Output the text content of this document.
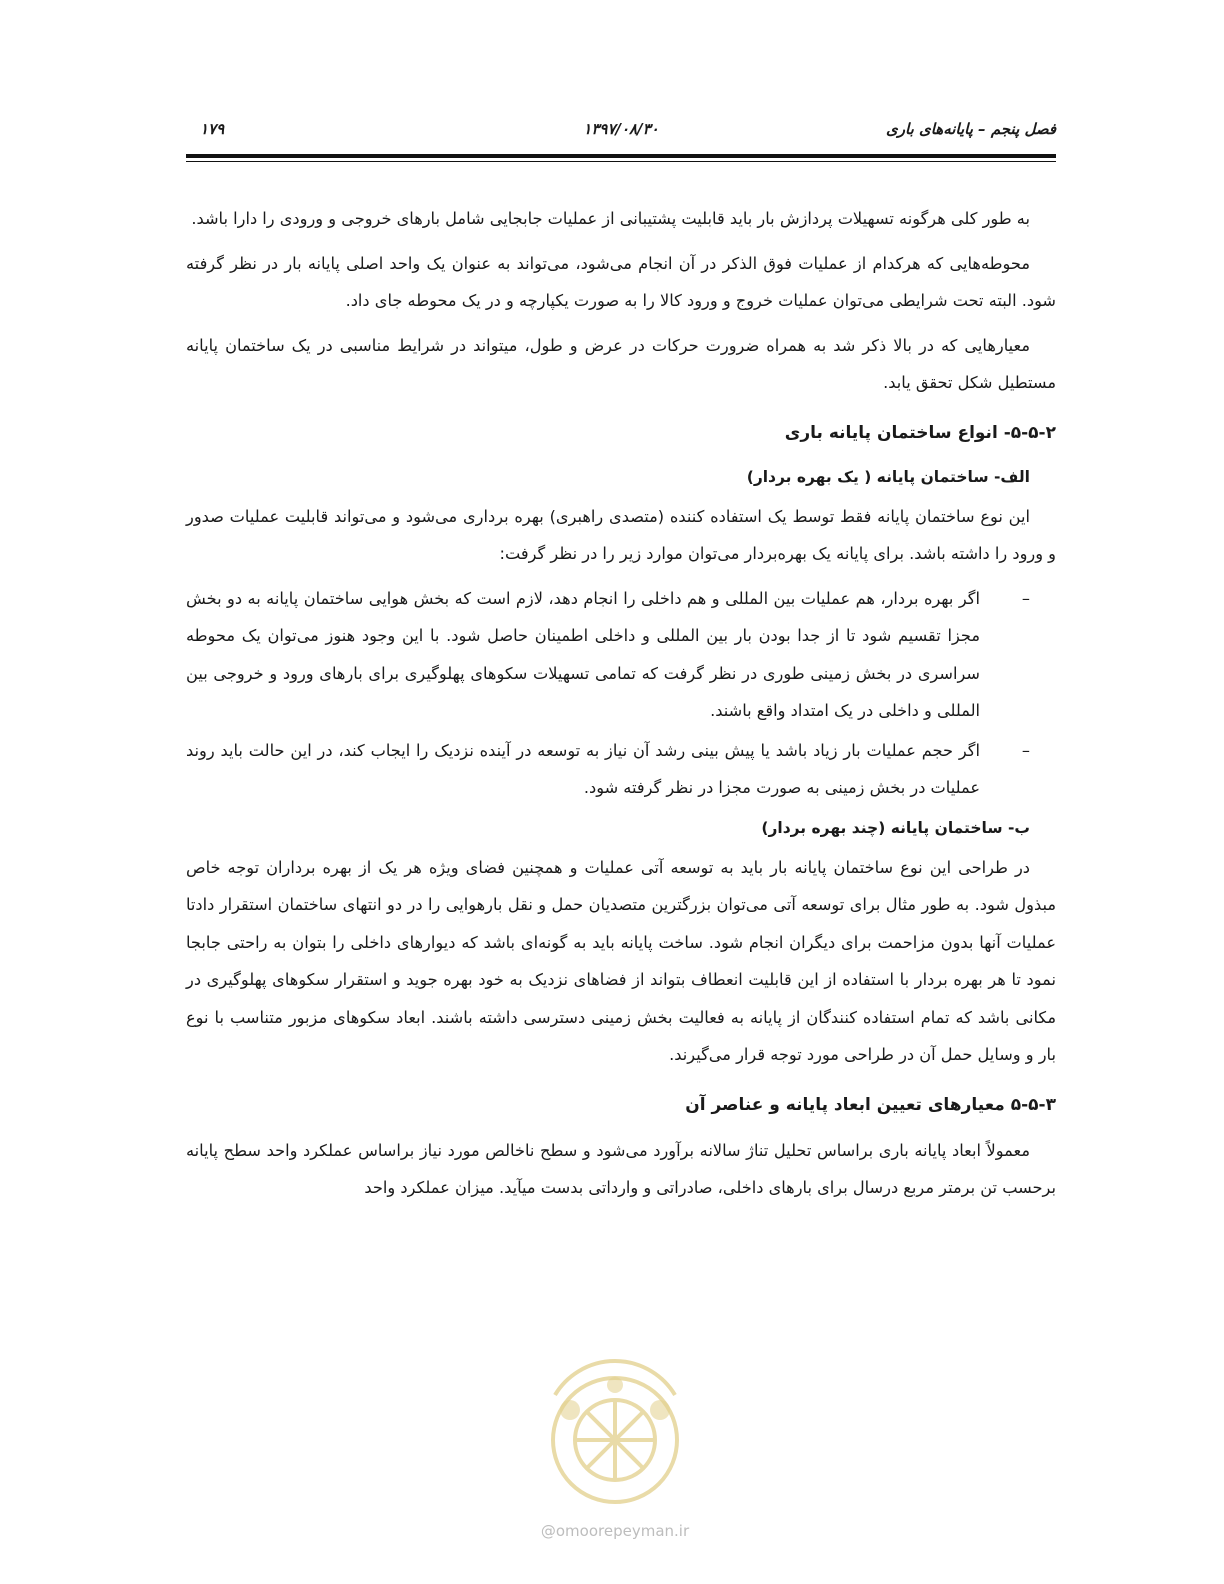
فصل پنجم – پایانه‌های باری
۱۳۹۷/۰۸/۳۰
۱۷۹

به طور کلی هرگونه تسهیلات پردازش بار باید قابلیت پشتیبانی از عملیات جابجایی شامل بارهای خروجی و ورودی را دارا باشد.

محوطه‌هایی که هرکدام از عملیات فوق الذکر در آن انجام می‌شود، می‌تواند به عنوان یک واحد اصلی پایانه بار در نظر گرفته شود. البته تحت شرایطی می‌توان عملیات خروج و ورود کالا را به صورت یکپارچه و در یک محوطه جای داد.

معیارهایی که در بالا ذکر شد به همراه ضرورت حرکات در عرض و طول، میتواند در شرایط مناسبی در یک ساختمان پایانه مستطیل شکل تحقق یابد.

۵-۵-۲- انواع ساختمان پایانه باری
الف- ساختمان پایانه ( یک بهره بردار)

این نوع ساختمان پایانه فقط توسط یک استفاده کننده (متصدی راهبری) بهره برداری می‌شود و می‌تواند قابلیت عملیات صدور و ورود را داشته باشد. برای پایانه یک بهره‌بردار می‌توان موارد زیر را در نظر گرفت:

–
اگر بهره بردار، هم عملیات بین المللی و هم داخلی را انجام دهد، لازم است که بخش هوایی ساختمان پایانه به دو بخش مجزا تقسیم شود تا از جدا بودن بار بین المللی و داخلی اطمینان حاصل شود. با این وجود هنوز می‌توان یک محوطه سراسری در بخش زمینی طوری در نظر گرفت که تمامی تسهیلات سکوهای پهلوگیری برای بارهای ورود و خروجی بین المللی و داخلی در یک امتداد واقع باشند.
–
اگر حجم عملیات بار زیاد باشد یا پیش بینی رشد آن نیاز به توسعه در آینده نزدیک را ایجاب کند، در این حالت باید روند عملیات در بخش زمینی به صورت مجزا در نظر گرفته شود.
ب- ساختمان پایانه (چند بهره بردار)

در طراحی این نوع ساختمان پایانه بار باید به توسعه آتی عملیات و همچنین فضای ویژه هر یک از بهره برداران توجه خاص مبذول شود. به طور مثال برای توسعه آتی می‌توان بزرگترین متصدیان حمل و نقل بارهوایی را در دو انتهای ساختمان استقرار دادتا عملیات آنها بدون مزاحمت برای دیگران انجام شود. ساخت پایانه باید به گونه‌ای باشد که دیوارهای داخلی را بتوان به راحتی جابجا نمود تا هر بهره بردار با استفاده از این قابلیت انعطاف بتواند از فضاهای نزدیک به خود بهره جوید و استقرار سکوهای پهلوگیری در مکانی باشد که تمام استفاده کنندگان از پایانه به فعالیت بخش زمینی دسترسی داشته باشند. ابعاد سکوهای مزبور متناسب با نوع بار و وسایل حمل آن در طراحی مورد توجه قرار می‌گیرند.

۵-۵-۳ معیارهای تعیین ابعاد پایانه و عناصر آن

معمولاً ابعاد پایانه باری براساس تحلیل تناژ سالانه برآورد می‌شود و سطح ناخالص مورد نیاز براساس عملکرد واحد سطح پایانه برحسب تن برمتر مربع درسال برای بارهای داخلی، صادراتی و وارداتی بدست میآید. میزان عملکرد واحد

@omoorepeyman.ir
